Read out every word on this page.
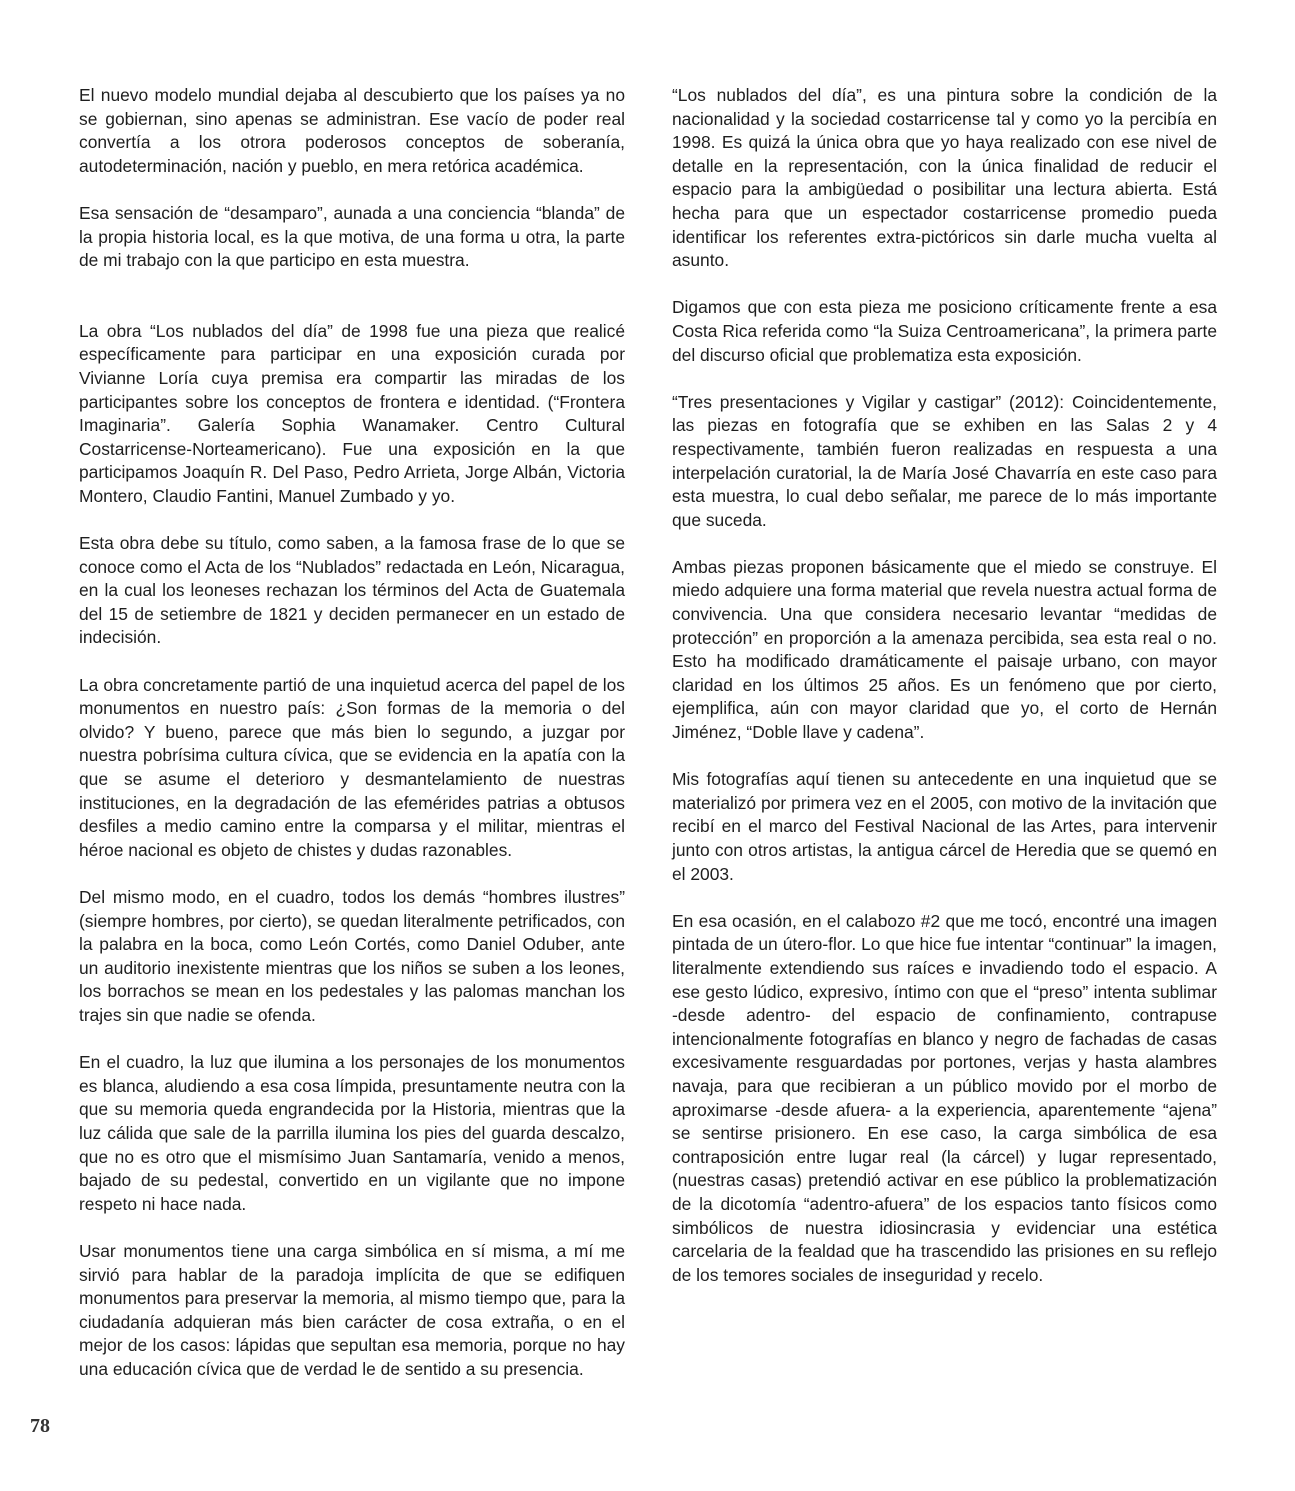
El nuevo modelo mundial dejaba al descubierto que los países ya no se gobiernan, sino apenas se administran. Ese vacío de poder real convertía a los otrora poderosos conceptos de soberanía, autodeterminación, nación y pueblo, en mera retórica académica.

Esa sensación de “desamparo”, aunada a una conciencia “blanda” de la propia historia local, es la que motiva, de una forma u otra, la parte de mi trabajo con la que participo en esta muestra.

La obra “Los nublados del día” de 1998 fue una pieza que realicé específicamente para participar en una exposición curada por Vivianne Loría cuya premisa era compartir las miradas de los participantes sobre los conceptos de frontera e identidad. (“Frontera Imaginaria”. Galería Sophia Wanamaker. Centro Cultural Costarricense-Norteamericano). Fue una exposición en la que participamos Joaquín R. Del Paso, Pedro Arrieta, Jorge Albán, Victoria Montero, Claudio Fantini, Manuel Zumbado y yo.

Esta obra debe su título, como saben, a la famosa frase de lo que se conoce como el Acta de los “Nublados” redactada en León, Nicaragua, en la cual los leoneses rechazan los términos del Acta de Guatemala del 15 de setiembre de 1821 y deciden permanecer en un estado de indecisión.

La obra concretamente partió de una inquietud acerca del papel de los monumentos en nuestro país: ¿Son formas de la memoria o del olvido? Y bueno, parece que más bien lo segundo, a juzgar por nuestra pobrísima cultura cívica, que se evidencia en la apatía con la que se asume el deterioro y desmantelamiento de nuestras instituciones, en la degradación de las efemérides patrias a obtusos desfiles a medio camino entre la comparsa y el militar, mientras el héroe nacional es objeto de chistes y dudas razonables.

Del mismo modo, en el cuadro, todos los demás “hombres ilustres” (siempre hombres, por cierto), se quedan literalmente petrificados, con la palabra en la boca, como León Cortés, como Daniel Oduber, ante un auditorio inexistente mientras que los niños se suben a los leones, los borrachos se mean en los pedestales y las palomas manchan los trajes sin que nadie se ofenda.

En el cuadro, la luz que ilumina a los personajes de los monumentos es blanca, aludiendo a esa cosa límpida, presuntamente neutra con la que su memoria queda engrandecida por la Historia, mientras que la luz cálida que sale de la parrilla ilumina los pies del guarda descalzo, que no es otro que el mismísimo Juan Santamaría, venido a menos, bajado de su pedestal, convertido en un vigilante que no impone respeto ni hace nada.

Usar monumentos tiene una carga simbólica en sí misma, a mí me sirvió para hablar de la paradoja implícita de que se edifiquen monumentos para preservar la memoria, al mismo tiempo que, para la ciudadanía adquieran más bien carácter de cosa extraña, o en el mejor de los casos: lápidas que sepultan esa memoria, porque no hay una educación cívica que de verdad le de sentido a su presencia.

“Los nublados del día”, es una pintura sobre la condición de la nacionalidad y la sociedad costarricense tal y como yo la percibía en 1998. Es quizá la única obra que yo haya realizado con ese nivel de detalle en la representación, con la única finalidad de reducir el espacio para la ambigüedad o posibilitar una lectura abierta. Está hecha para que un espectador costarricense promedio pueda identificar los referentes extra-pictóricos sin darle mucha vuelta al asunto.

Digamos que con esta pieza me posiciono críticamente frente a esa Costa Rica referida como “la Suiza Centroamericana”, la primera parte del discurso oficial que problematiza esta exposición.

“Tres presentaciones y Vigilar y castigar” (2012): Coincidentemente, las piezas en fotografía que se exhiben en las Salas 2 y 4 respectivamente, también fueron realizadas en respuesta a una interpelación curatorial, la de María José Chavarría en este caso para esta muestra, lo cual debo señalar, me parece de lo más importante que suceda.

Ambas piezas proponen básicamente que el miedo se construye. El miedo adquiere una forma material que revela nuestra actual forma de convivencia. Una que considera necesario levantar “medidas de protección” en proporción a la amenaza percibida, sea esta real o no. Esto ha modificado dramáticamente el paisaje urbano, con mayor claridad en los últimos 25 años. Es un fenómeno que por cierto, ejemplifica, aún con mayor claridad que yo, el corto de Hernán Jiménez, “Doble llave y cadena”.

Mis fotografías aquí tienen su antecedente en una inquietud que se materializó por primera vez en el 2005, con motivo de la invitación que recibí en el marco del Festival Nacional de las Artes, para intervenir junto con otros artistas, la antigua cárcel de Heredia que se quemó en el 2003.

En esa ocasión, en el calabozo #2 que me tocó, encontré una imagen pintada de un útero-flor. Lo que hice fue intentar “continuar” la imagen, literalmente extendiendo sus raíces e invadiendo todo el espacio. A ese gesto lúdico, expresivo, íntimo con que el “preso” intenta sublimar -desde adentro- del espacio de confinamiento, contrapuse intencionalmente fotografías en blanco y negro de fachadas de casas excesivamente resguardadas por portones, verjas y hasta alambres navaja, para que recibieran a un público movido por el morbo de aproximarse -desde afuera- a la experiencia, aparentemente “ajena” se sentirse prisionero. En ese caso, la carga simbólica de esa contraposición entre lugar real (la cárcel) y lugar representado, (nuestras casas) pretendió activar en ese público la problematización de la dicotomía “adentro-afuera” de los espacios tanto físicos como simbólicos de nuestra idiosincrasia y evidenciar una estética carcelaria de la fealdad que ha trascendido las prisiones en su reflejo de los temores sociales de inseguridad y recelo.

78
